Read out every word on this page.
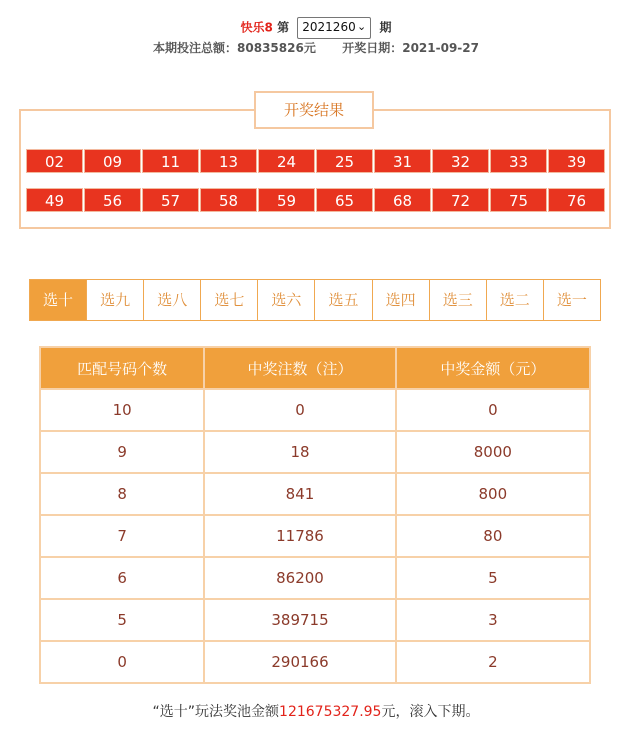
快乐8 第 2021260 ⌄ 期
本期投注总额：80835826元 开奖日期：2021-09-27
开奖结果
02	09	11	13	24	25	31	32	33	39
49	56	57	58	59	65	68	72	75	76
选十	选九	选八	选七	选六	选五	选四	选三	选二	选一
匹配号码个数	中奖注数（注）	中奖金额（元）
10	0	0
9	18	8000
8	841	800
7	11786	80
6	86200	5
5	389715	3
0	290166	2
“选十”玩法奖池金额121675327.95元，滚入下期。
